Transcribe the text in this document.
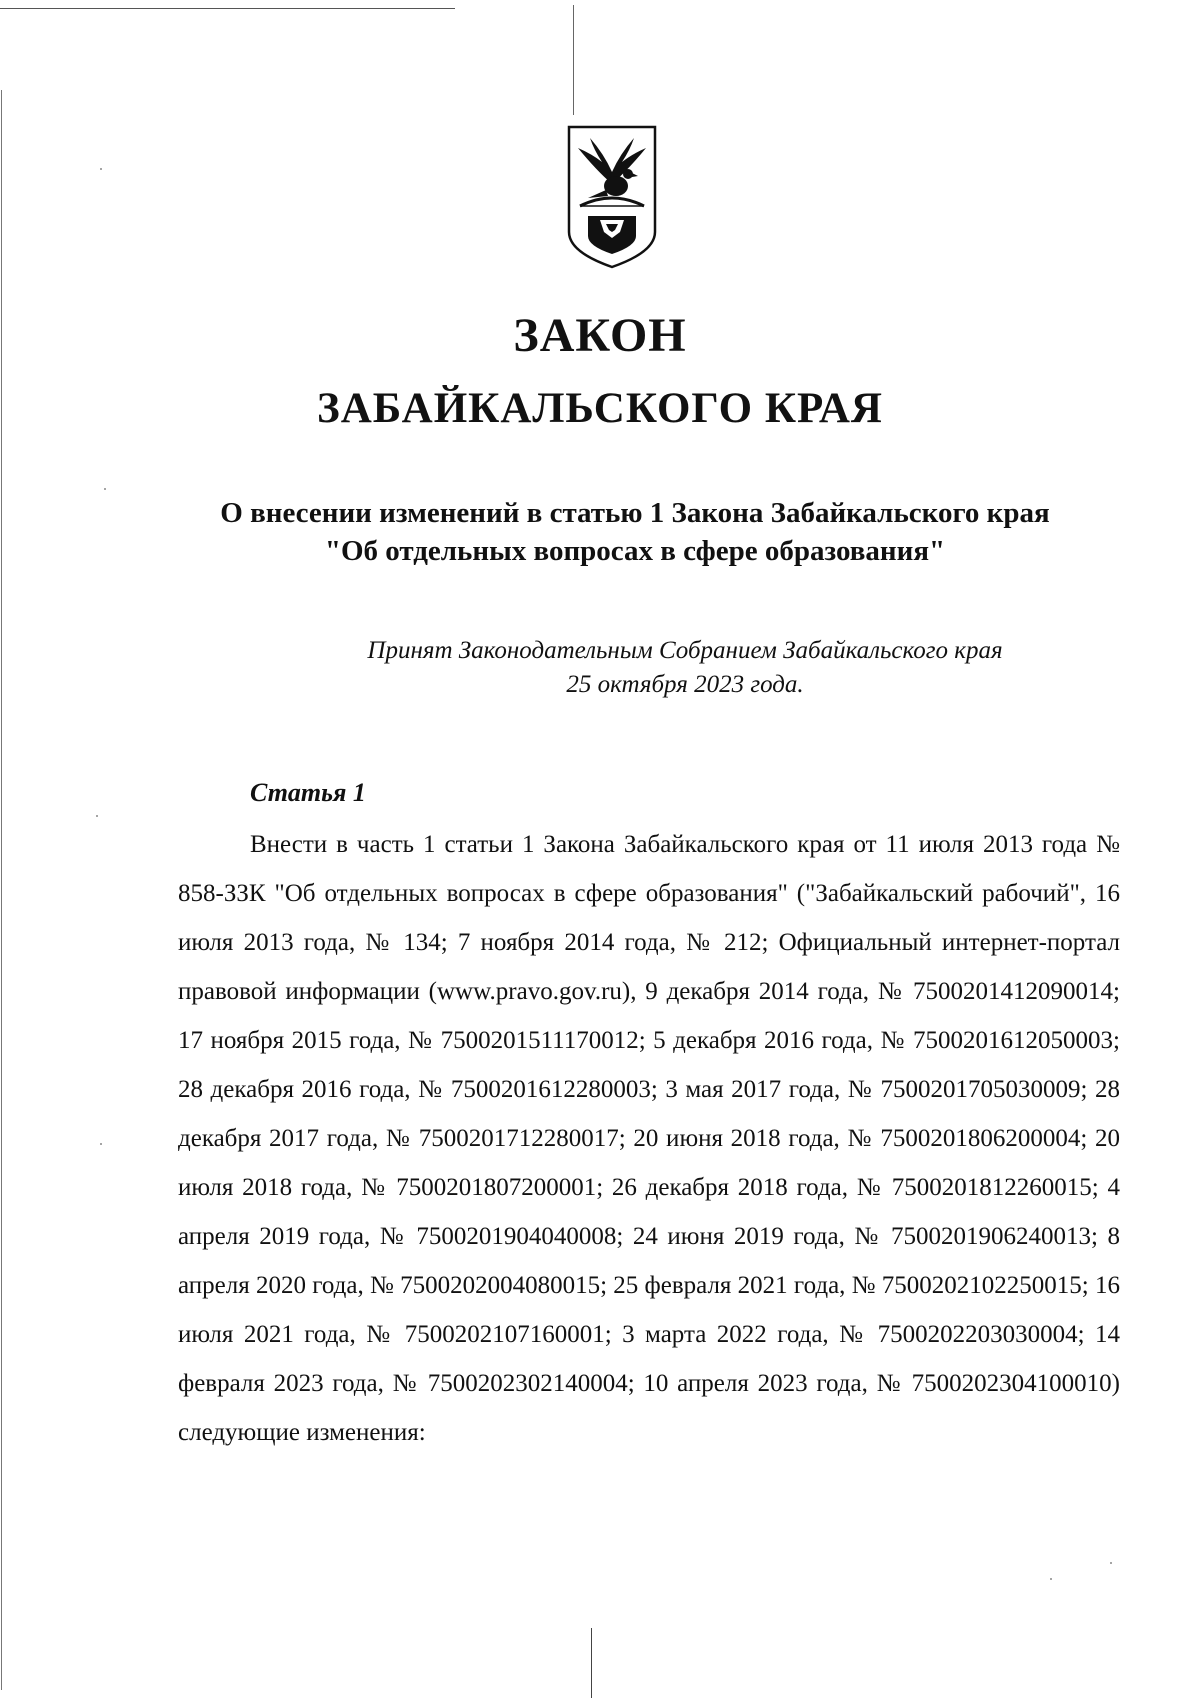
ЗАКОН
ЗАБАЙКАЛЬСКОГО КРАЯ
О внесении изменений в статью 1 Закона Забайкальского края
"Об отдельных вопросах в сфере образования"
Принят Законодательным Собранием Забайкальского края
25 октября 2023 года.
Статья 1

Внести в часть 1 статьи 1 Закона Забайкальского края от 11 июля 2013 года № 858-ЗЗК "Об отдельных вопросах в сфере образования" ("Забайкальский рабочий", 16 июля 2013 года, № 134; 7 ноября 2014 года, № 212; Официальный интернет-портал правовой информации (www.pravo.gov.ru), 9 декабря 2014 года, № 7500201412090014; 17 ноября 2015 года, № 7500201511170012; 5 декабря 2016 года, № 7500201612050003; 28 декабря 2016 года, № 7500201612280003; 3 мая 2017 года, № 7500201705030009; 28 декабря 2017 года, № 7500201712280017; 20 июня 2018 года, № 7500201806200004; 20 июля 2018 года, № 7500201807200001; 26 декабря 2018 года, № 7500201812260015; 4 апреля 2019 года, № 7500201904040008; 24 июня 2019 года, № 7500201906240013; 8 апреля 2020 года, № 7500202004080015; 25 февраля 2021 года, № 7500202102250015; 16 июля 2021 года, № 7500202107160001; 3 марта 2022 года, № 7500202203030004; 14 февраля 2023 года, № 7500202302140004; 10 апреля 2023 года, № 7500202304100010) следующие изменения:
